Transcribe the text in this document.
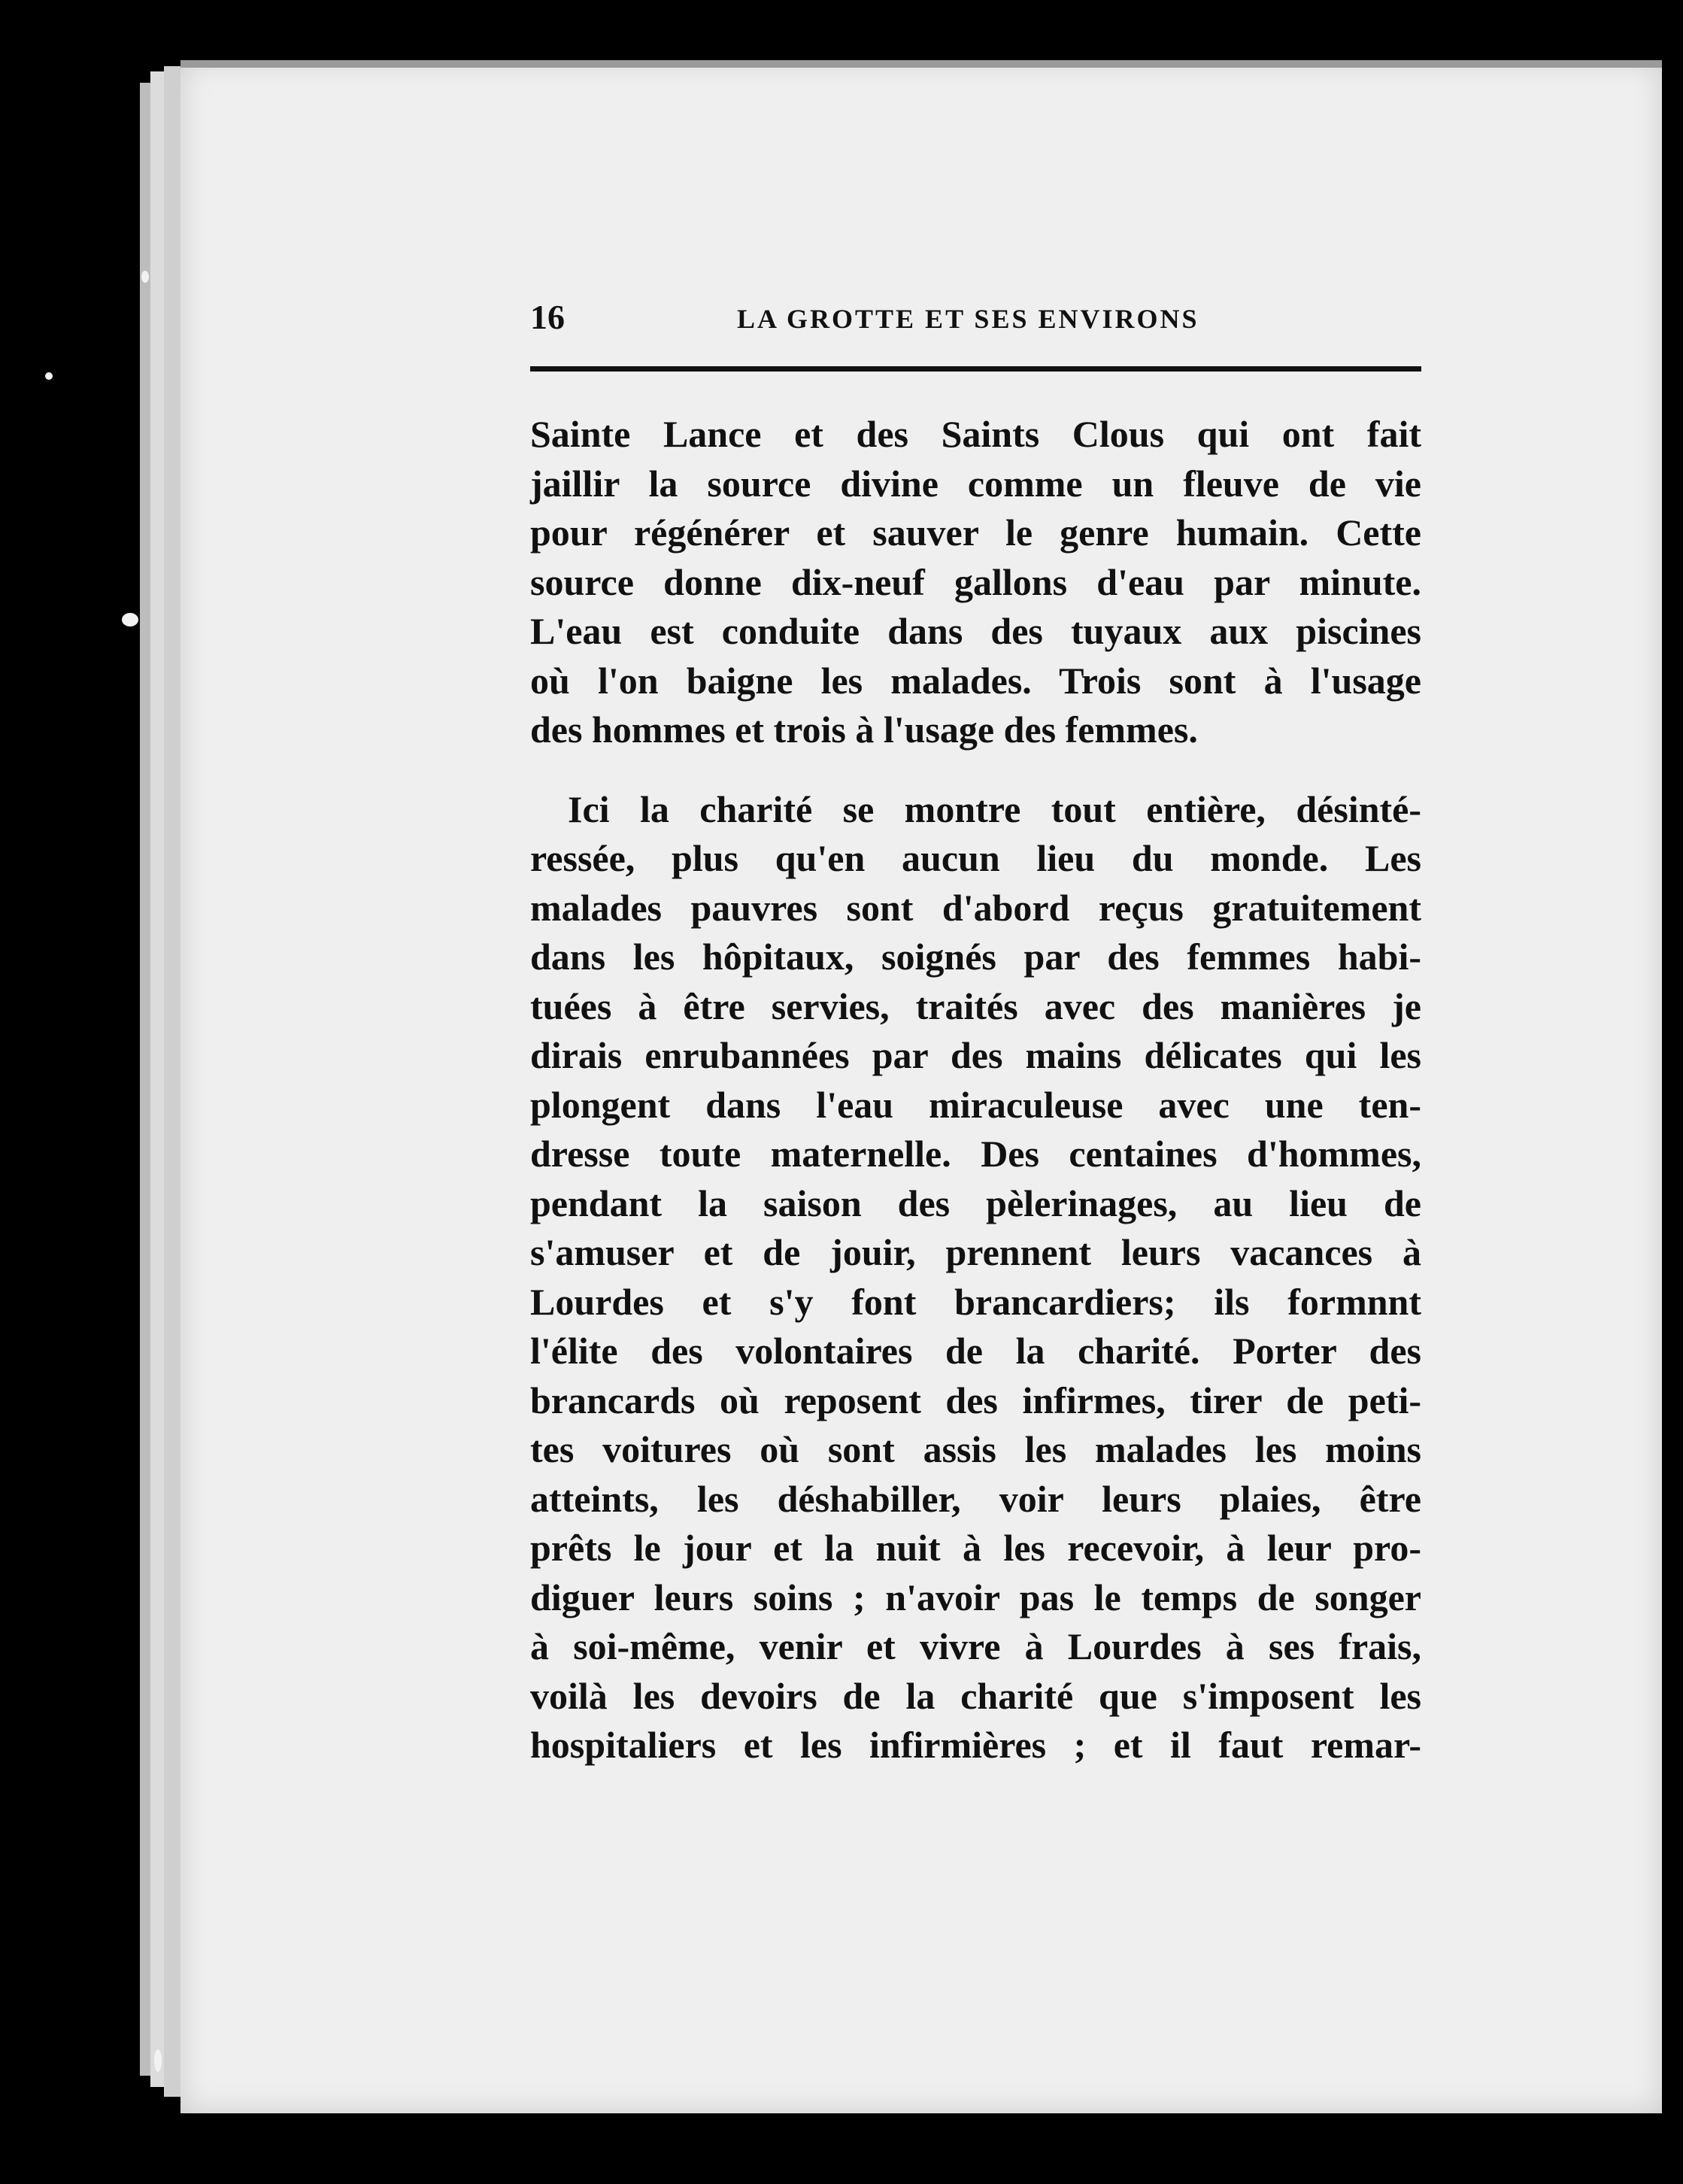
16	LA GROTTE ET SES ENVIRONS
Sainte Lance et des Saints Clous qui ont fait
jaillir la source divine comme un fleuve de vie
pour régénérer et sauver le genre humain. Cette
source donne dix-neuf gallons d'eau par minute.
L'eau est conduite dans des tuyaux aux piscines
où l'on baigne les malades. Trois sont à l'usage
des hommes et trois à l'usage des femmes.
Ici la charité se montre tout entière, désinté-
ressée, plus qu'en aucun lieu du monde. Les
malades pauvres sont d'abord reçus gratuitement
dans les hôpitaux, soignés par des femmes habi-
tuées à être servies, traités avec des manières je
dirais enrubannées par des mains délicates qui les
plongent dans l'eau miraculeuse avec une ten-
dresse toute maternelle. Des centaines d'hommes,
pendant la saison des pèlerinages, au lieu de
s'amuser et de jouir, prennent leurs vacances à
Lourdes et s'y font brancardiers; ils formnnt
l'élite des volontaires de la charité. Porter des
brancards où reposent des infirmes, tirer de peti-
tes voitures où sont assis les malades les moins
atteints, les déshabiller, voir leurs plaies, être
prêts le jour et la nuit à les recevoir, à leur pro-
diguer leurs soins ; n'avoir pas le temps de songer
à soi-même, venir et vivre à Lourdes à ses frais,
voilà les devoirs de la charité que s'imposent les
hospitaliers et les infirmières ; et il faut remar-
